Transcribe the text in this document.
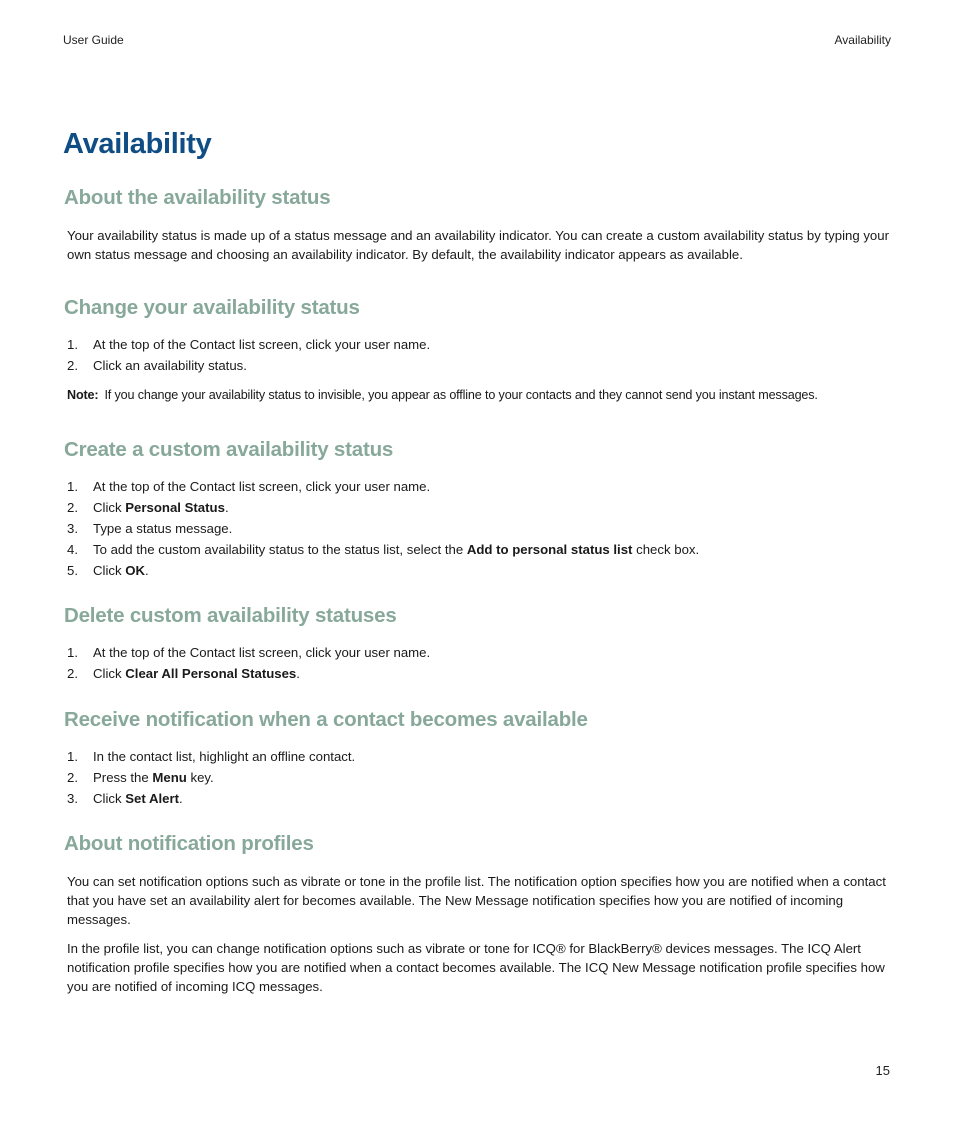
User Guide	Availability
Availability
About the availability status

Your availability status is made up of a status message and an availability indicator. You can create a custom availability status by typing your own status message and choosing an availability indicator. By default, the availability indicator appears as available.

Change your availability status
1. At the top of the Contact list screen, click your user name.
2. Click an availability status.

Note: If you change your availability status to invisible, you appear as offline to your contacts and they cannot send you instant messages.

Create a custom availability status
1. At the top of the Contact list screen, click your user name.
2. Click Personal Status.
3. Type a status message.
4. To add the custom availability status to the status list, select the Add to personal status list check box.
5. Click OK.
Delete custom availability statuses
1. At the top of the Contact list screen, click your user name.
2. Click Clear All Personal Statuses.
Receive notification when a contact becomes available
1. In the contact list, highlight an offline contact.
2. Press the Menu key.
3. Click Set Alert.
About notification profiles

You can set notification options such as vibrate or tone in the profile list. The notification option specifies how you are notified when a contact that you have set an availability alert for becomes available. The New Message notification specifies how you are notified of incoming messages.

In the profile list, you can change notification options such as vibrate or tone for ICQ® for BlackBerry® devices messages. The ICQ Alert notification profile specifies how you are notified when a contact becomes available. The ICQ New Message notification profile specifies how you are notified of incoming ICQ messages.

15
